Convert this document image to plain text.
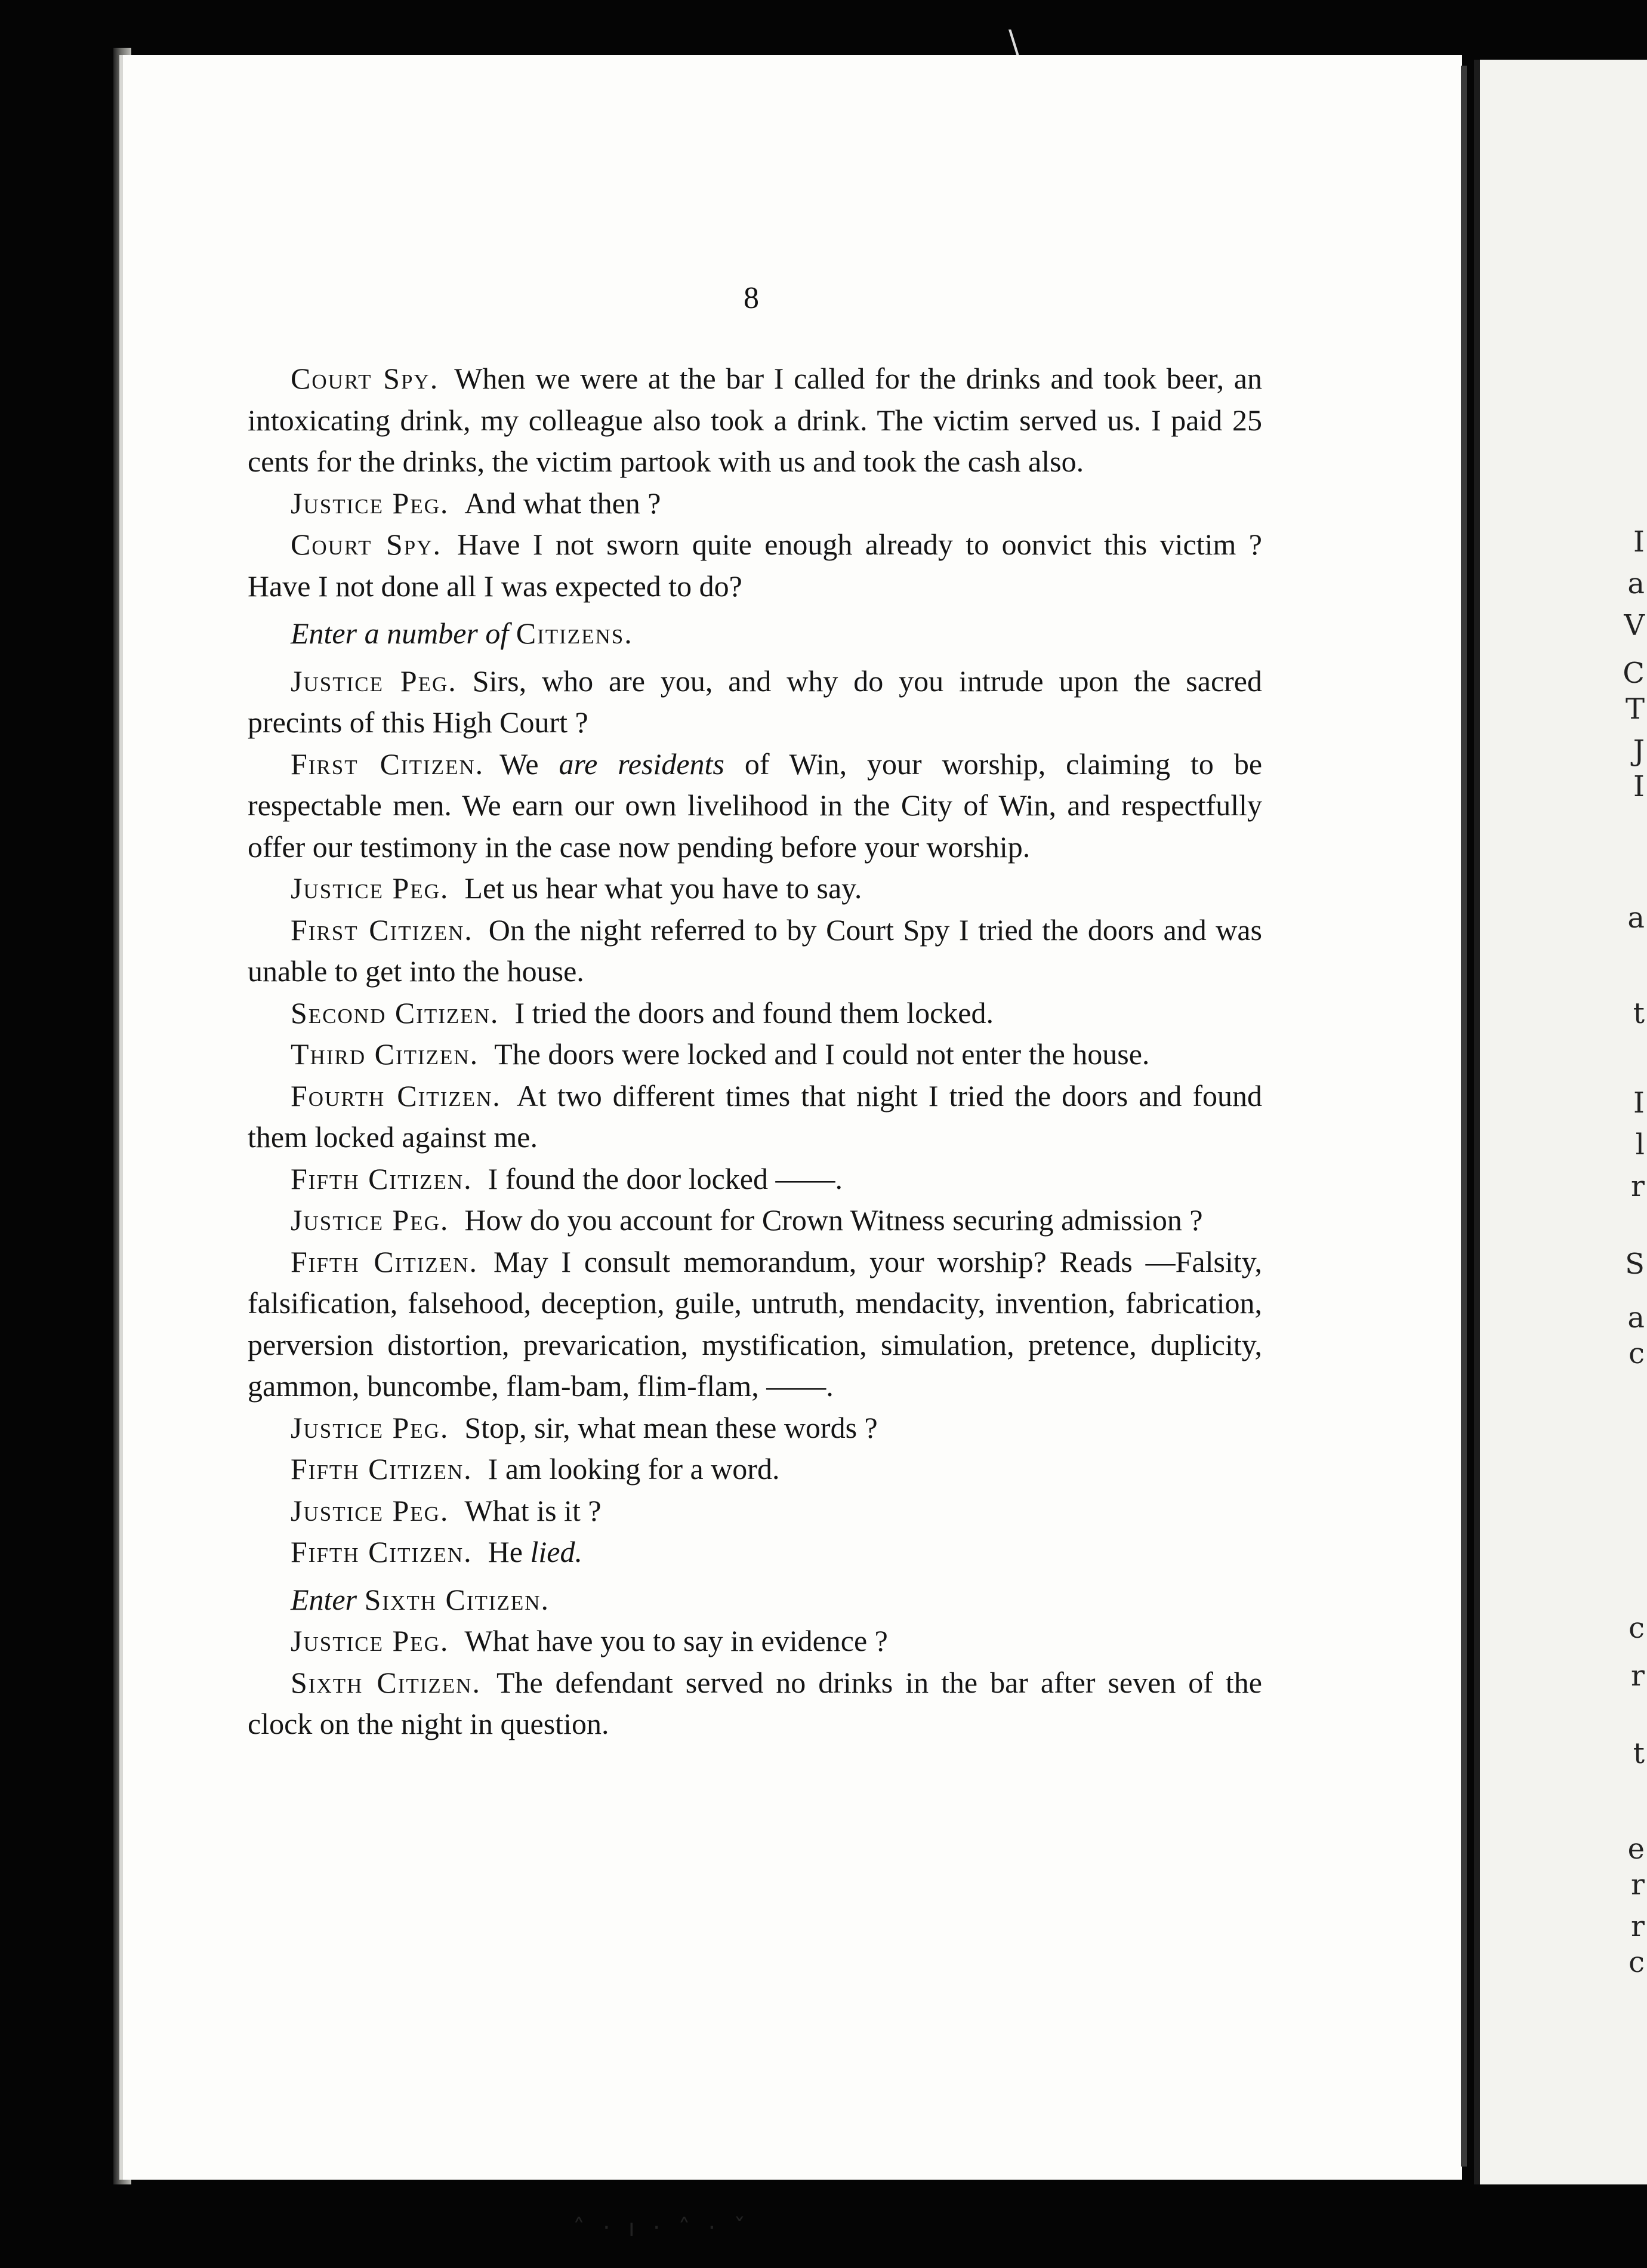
I
a
V
C
T
J
I
a
t
I
l
r
S
a
c
c
r
t
e
r
r
c
\
8

Court Spy. When we were at the bar I called for the drinks and took beer, an intoxicating drink, my colleague also took a drink. The victim served us. I paid 25 cents for the drinks, the victim partook with us and took the cash also.

Justice Peg. And what then ?

Court Spy. Have I not sworn quite enough already to oonvict this victim ? Have I not done all I was expected to do?

Enter a number of Citizens.

Justice Peg. Sirs, who are you, and why do you intrude upon the sacred precints of this High Court ?

First Citizen. We are residents of Win, your worship, claiming to be respectable men. We earn our own livelihood in the City of Win, and respectfully offer our testimony in the case now pending before your worship.

Justice Peg. Let us hear what you have to say.

First Citizen. On the night referred to by Court Spy I tried the doors and was unable to get into the house.

Second Citizen. I tried the doors and found them locked.

Third Citizen. The doors were locked and I could not enter the house.

Fourth Citizen. At two different times that night I tried the doors and found them locked against me.

Fifth Citizen. I found the door locked ——.

Justice Peg. How do you account for Crown Witness securing admission ?

Fifth Citizen. May I consult memorandum, your worship? Reads —Falsity, falsification, falsehood, deception, guile, untruth, mendacity, invention, fabrication, perversion distortion, prevarication, mystification, simulation, pretence, duplicity, gammon, buncombe, flam-bam, flim-flam, ——.

Justice Peg. Stop, sir, what mean these words ?

Fifth Citizen. I am looking for a word.

Justice Peg. What is it ?

Fifth Citizen. He lied.

Enter Sixth Citizen.

Justice Peg. What have you to say in evidence ?

Sixth Citizen. The defendant served no drinks in the bar after seven of the clock on the night in question.

˄·ı·˄·ˇ
